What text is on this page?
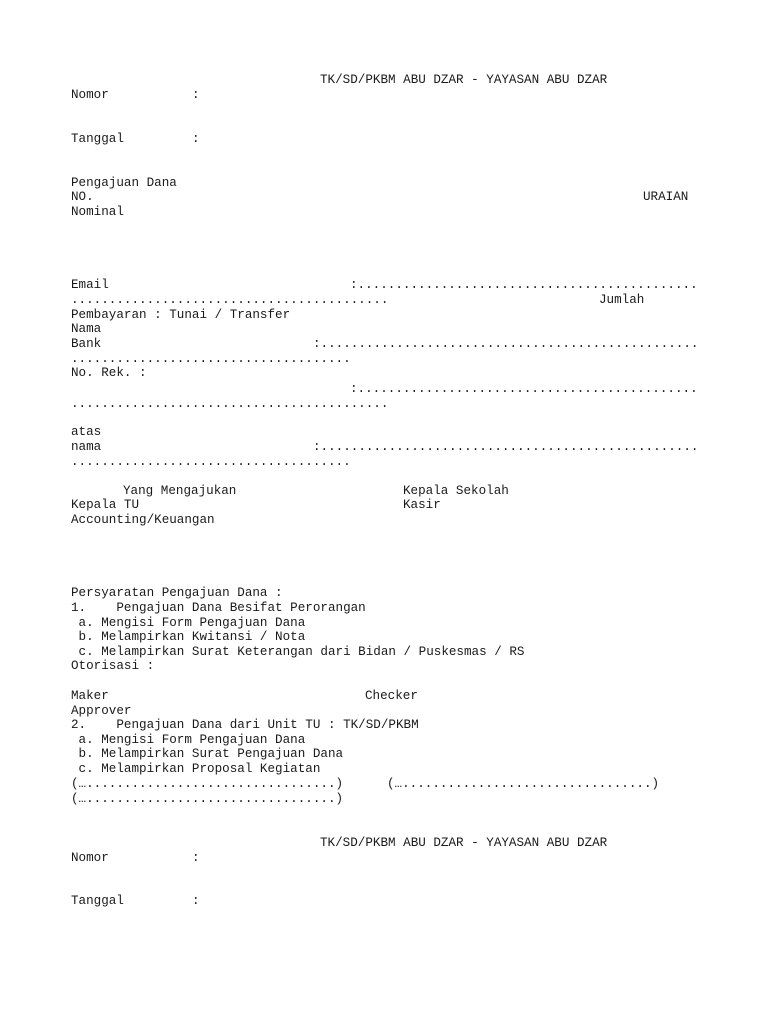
TK/SD/PKBM ABU DZAR - YAYASAN ABU DZAR
Nomor	:
Tanggal	:
Pengajuan Dana
NO.	URAIAN
Nominal
Email	:.............................................
..........................................	Jumlah
Pembayaran : Tunai / Transfer
Nama
Bank	:..................................................
.....................................
No. Rek. :
:.............................................
..........................................
atas
nama	:..................................................
.....................................
Yang Mengajukan	Kepala Sekolah
Kepala TU	Kasir
Accounting/Keuangan
Persyaratan Pengajuan Dana :
1.    Pengajuan Dana Besifat Perorangan
a. Mengisi Form Pengajuan Dana
b. Melampirkan Kwitansi / Nota
c. Melampirkan Surat Keterangan dari Bidan / Puskesmas / RS
Otorisasi :
Maker	Checker
Approver
2.    Pengajuan Dana dari Unit TU : TK/SD/PKBM
a. Mengisi Form Pengajuan Dana
b. Melampirkan Surat Pengajuan Dana
c. Melampirkan Proposal Kegiatan
(….................................)	(….................................)
(….................................)
TK/SD/PKBM ABU DZAR - YAYASAN ABU DZAR
Nomor	:
Tanggal	:
